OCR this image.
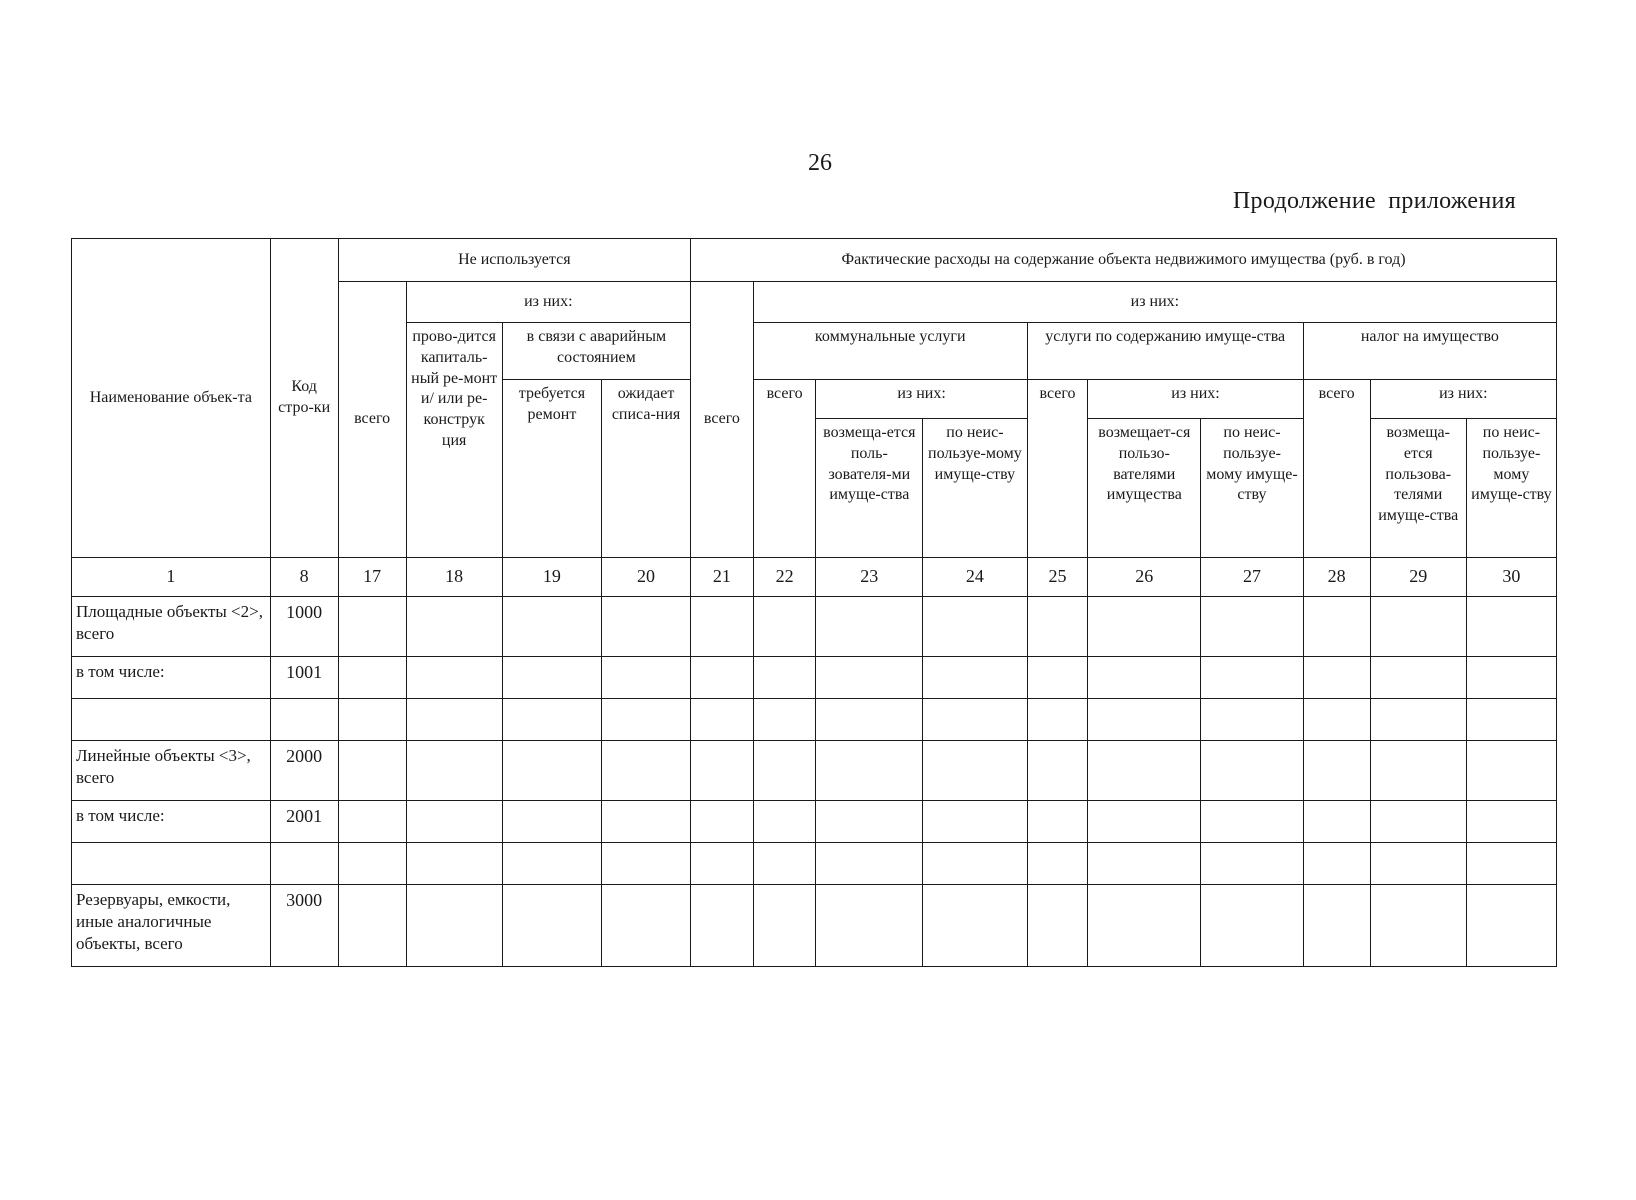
26
Продолжение приложения
Наименование объек-та	Код стро-ки	Не используется				Фактические расходы на содержание объекта недвижимого имущества (руб. в год)									
		всего	из них:			всего	из них:								
			прово-дится капиталь-ный ре-монт и/ или ре-конструк ция	в связи с аварийным состоянием			коммунальные услуги			услуги по содержанию имуще-ства			налог на имущество		
				требуется ремонт	ожидает списа-ния		всего	из них:		всего	из них:		всего	из них:	
								возмеща-ется поль-зователя-ми имуще-ства	по неис-пользуе-мому имуще-ству		возмещает-ся пользо-вателями имущества	по неис-пользуе-мому имуще-ству		возмеща-ется пользова-телями имуще-ства	по неис-пользуе-мому имуще-ству
1	8	17	18	19	20	21	22	23	24	25	26	27	28	29	30
Площадные объекты <2>, всего	1000														
в том числе:	1001														

Линейные объекты <3>, всего	2000														
в том числе:	2001														

Резервуары, емкости, иные аналогичные объекты, всего	3000														
